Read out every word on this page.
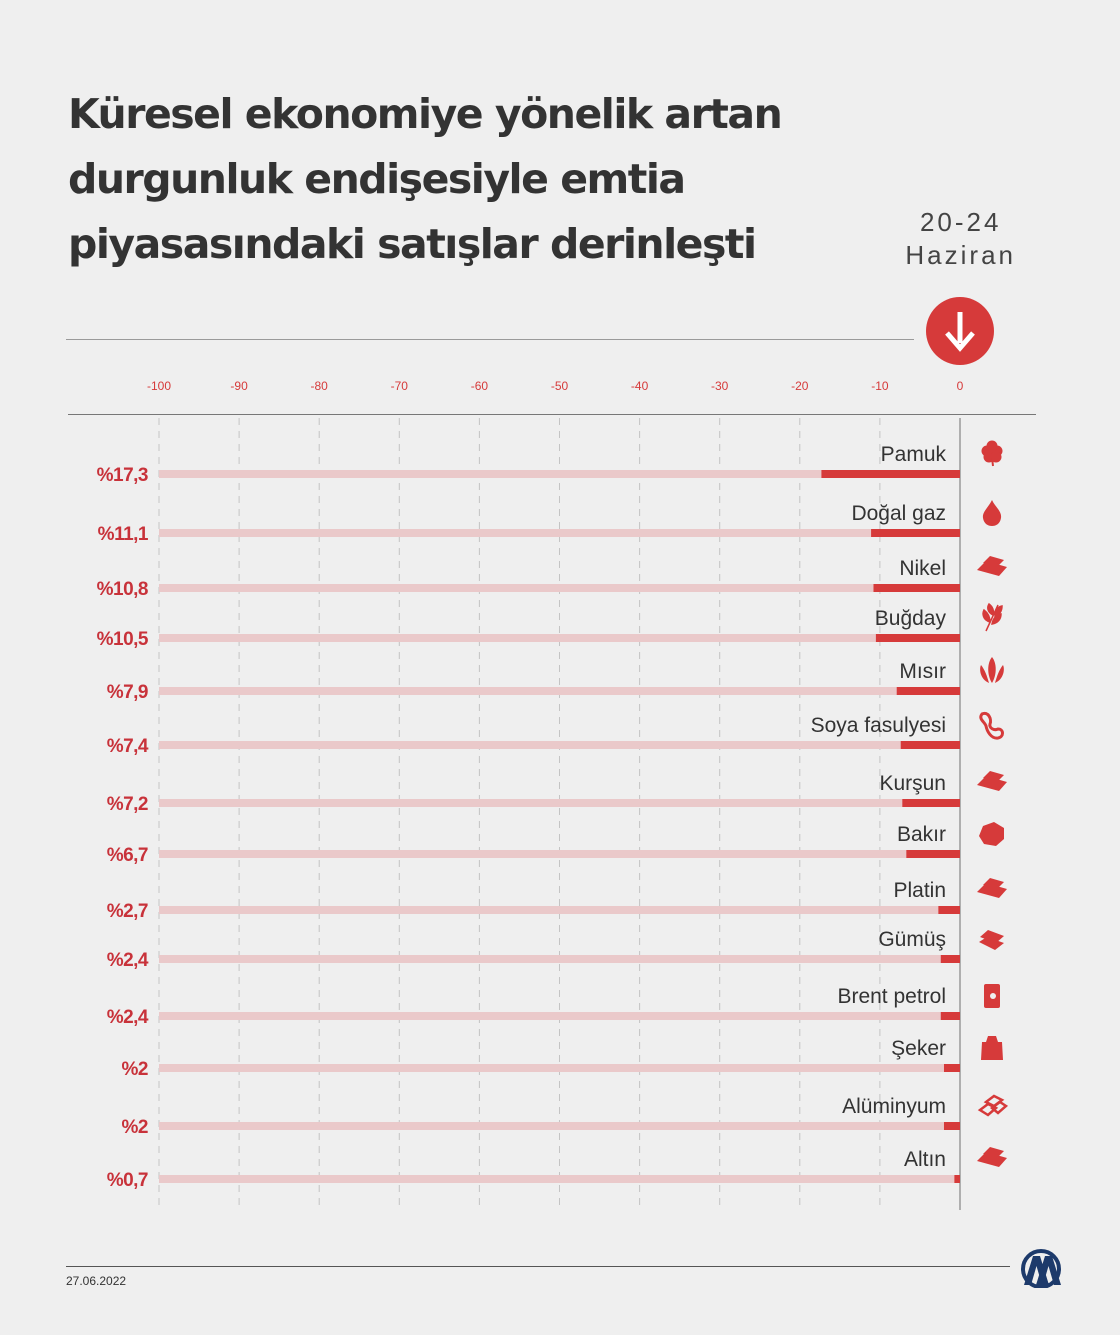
Küresel ekonomiye yönelik artan durgunluk endişesiyle emtia piyasasındaki satışlar derinleşti	20-24
Haziran
-100	-90	-80	-70	-60	-50	-40	-30	-20	-10	0
Pamuk
%17,3
Doğal gaz
%11,1
Nikel
%10,8
Buğday
%10,5
Mısır
%7,9
Soya fasulyesi
%7,4
Kurşun
%7,2
Bakır
%6,7
Platin
%2,7
Gümüş
%2,4
Brent petrol
%2,4
Şeker
%2
Alüminyum
%2
Altın
%0,7
27.06.2022
